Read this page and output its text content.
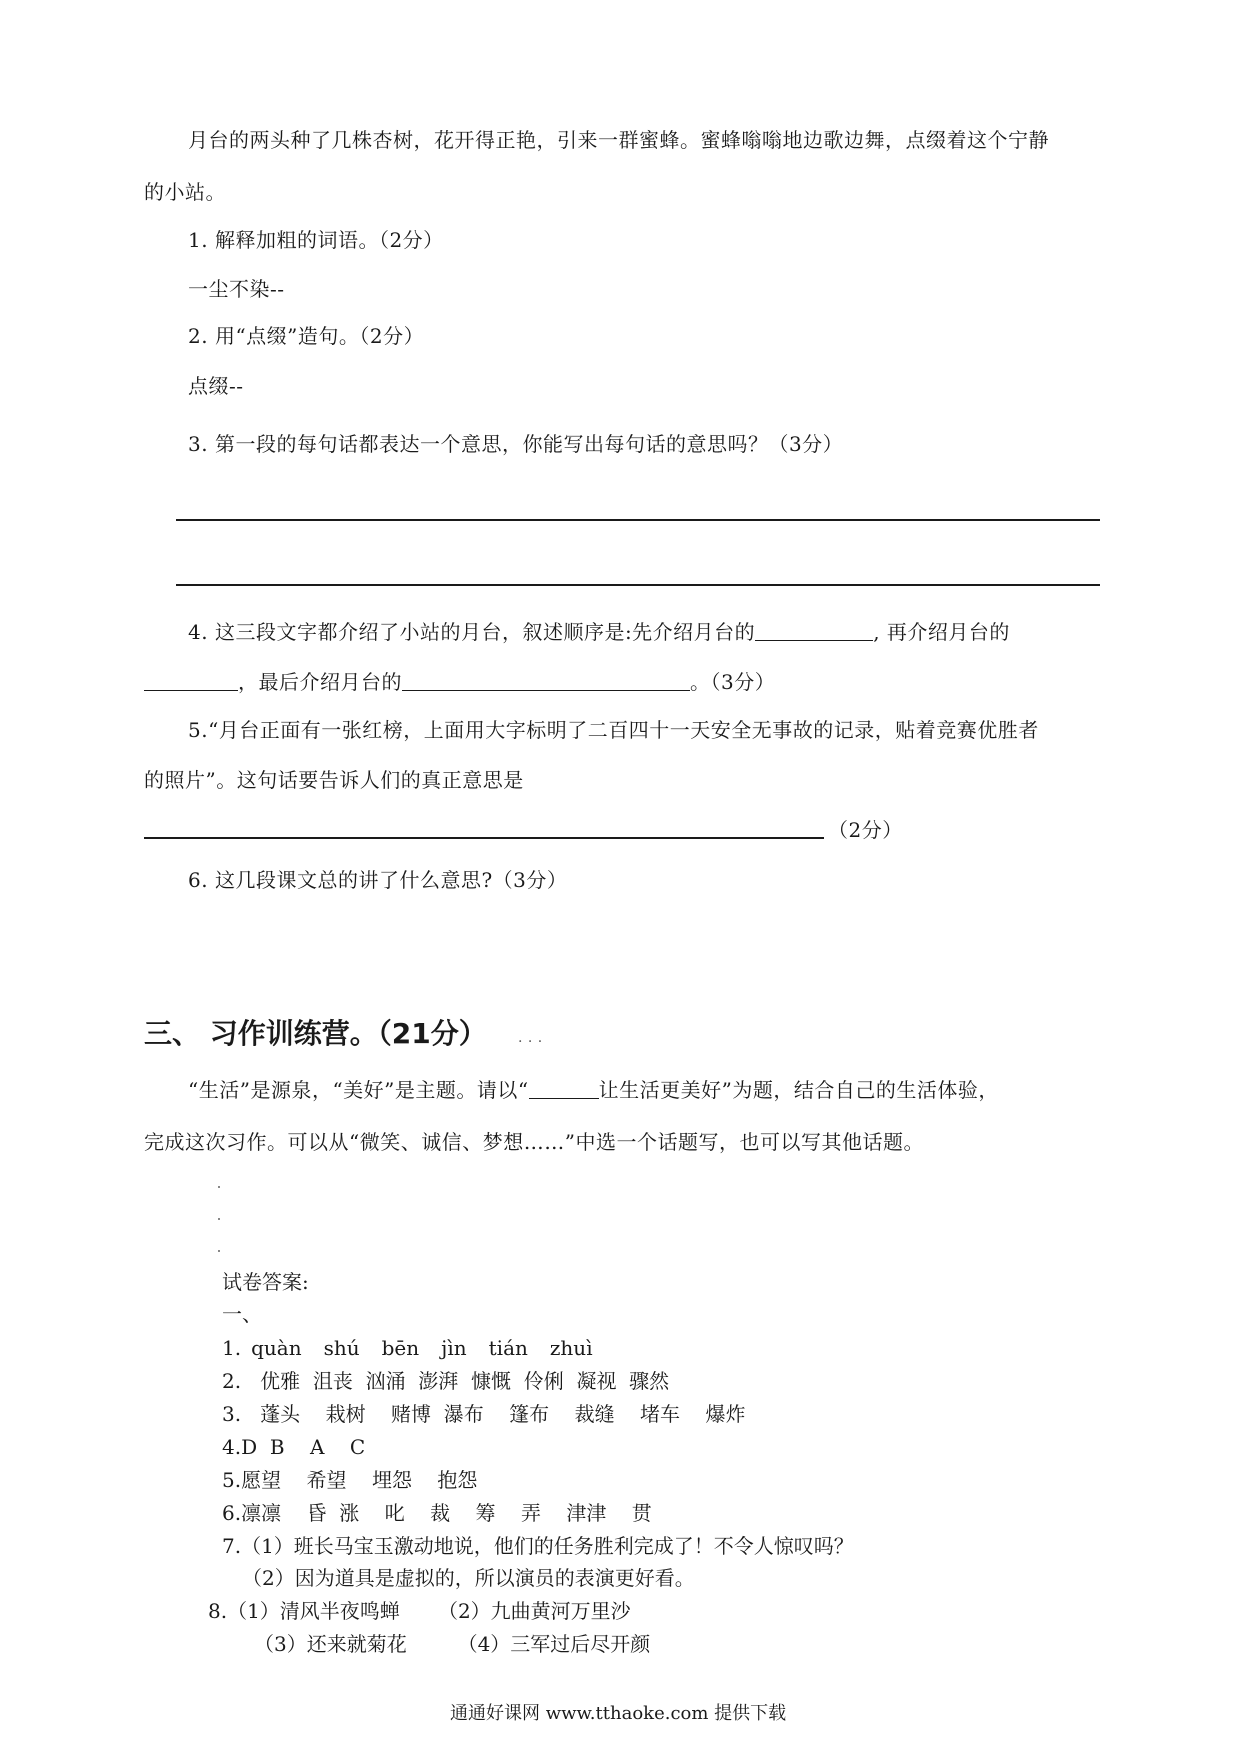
月台的两头种了几株杏树，花开得正艳，引来一群蜜蜂。蜜蜂嗡嗡地边歌边舞，点缀着这个宁静
的小站。
1. 解释加粗的词语。（2分）
一尘不染--
2. 用“点缀”造句。（2分）
点缀--
3. 第一段的每句话都表达一个意思，你能写出每句话的意思吗？（3分）
4. 这三段文字都介绍了小站的月台，叙述顺序是:先介绍月台的	, 再介绍月台的
，最后介绍月台的	。（3分）
5.“月台正面有一张红榜，上面用大字标明了二百四十一天安全无事故的记录，贴着竞赛优胜者
的照片”。这句话要告诉人们的真正意思是
（2分）
6. 这几段课文总的讲了什么意思?（3分）
三、 习作训练营。（21分） . . .
“生活”是源泉，“美好”是主题。请以“	让生活更美好”为题，结合自己的生活体验，
完成这次习作。可以从“微笑、诚信、梦想……”中选一个话题写，也可以写其他话题。
试卷答案:
一、
1. quàn shú bēn jìn tián zhuì
2.   优雅  沮丧  汹涌  澎湃  慷慨  伶俐  凝视  骤然
3.   蓬头    栽树    赌博  瀑布    篷布    裁缝    堵车    爆炸
4.D  B    A    C
5.愿望    希望    埋怨    抱怨
6.凛凛    昏  涨    叱    裁    筹    弄    津津    贯
7.（1）班长马宝玉激动地说，他们的任务胜利完成了！不令人惊叹吗？
（2）因为道具是虚拟的，所以演员的表演更好看。
8.（1）清风半夜鸣蝉      （2）九曲黄河万里沙
（3）还来就菊花        （4）三军过后尽开颜
通通好课网 www.tthaoke.com 提供下载
